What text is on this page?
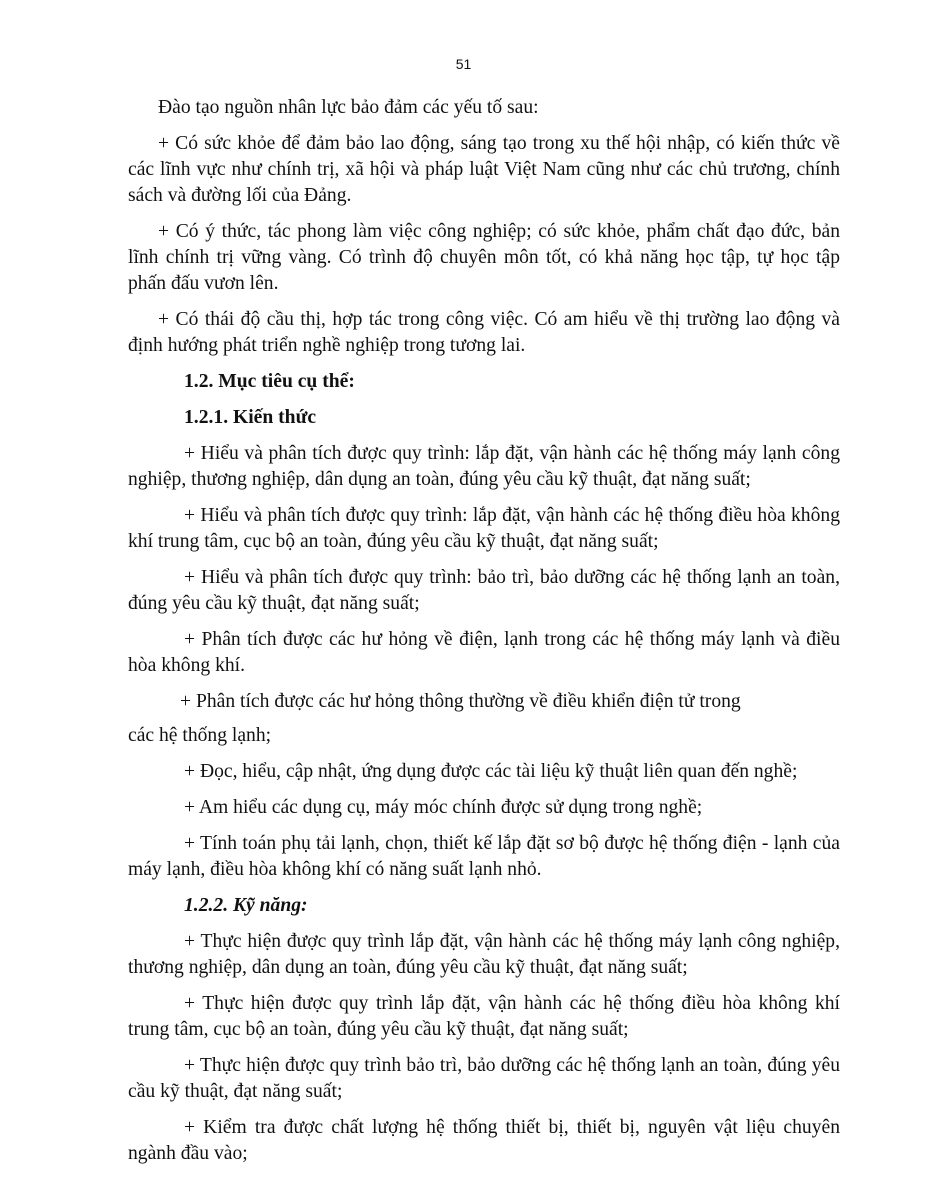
51

Đào tạo nguồn nhân lực bảo đảm các yếu tố sau:

+ Có sức khỏe để đảm bảo lao động, sáng tạo trong xu thế hội nhập, có kiến thức về các lĩnh vực như chính trị, xã hội và pháp luật Việt Nam cũng như các chủ trương, chính sách và đường lối của Đảng.

+ Có ý thức, tác phong làm việc công nghiệp; có sức khỏe, phẩm chất đạo đức, bản lĩnh chính trị vững vàng. Có trình độ chuyên môn tốt, có khả năng học tập, tự học tập phấn đấu vươn lên.

+ Có thái độ cầu thị, hợp tác trong công việc. Có am hiểu về thị trường lao động và định hướng phát triển nghề nghiệp trong tương lai.

1.2. Mục tiêu cụ thể:
1.2.1. Kiến thức

+ Hiểu và phân tích được quy trình: lắp đặt, vận hành các hệ thống máy lạnh công nghiệp, thương nghiệp, dân dụng an toàn, đúng yêu cầu kỹ thuật, đạt năng suất;

+ Hiểu và phân tích được quy trình: lắp đặt, vận hành các hệ thống điều hòa không khí trung tâm, cục bộ an toàn, đúng yêu cầu kỹ thuật, đạt năng suất;

+ Hiểu và phân tích được quy trình: bảo trì, bảo dưỡng các hệ thống lạnh an toàn, đúng yêu cầu kỹ thuật, đạt năng suất;

+ Phân tích được các hư hỏng về điện, lạnh trong các hệ thống máy lạnh và điều hòa không khí.

+ Phân tích được các hư hỏng thông thường về điều khiển điện tử trong
các hệ thống lạnh;

+ Đọc, hiểu, cập nhật, ứng dụng được các tài liệu kỹ thuật liên quan đến nghề;

+ Am hiểu các dụng cụ, máy móc chính được sử dụng trong nghề;

+ Tính toán phụ tải lạnh, chọn, thiết kế lắp đặt sơ bộ được hệ thống điện - lạnh của máy lạnh, điều hòa không khí có năng suất lạnh nhỏ.

1.2.2. Kỹ năng:

+ Thực hiện được quy trình lắp đặt, vận hành các hệ thống máy lạnh công nghiệp, thương nghiệp, dân dụng an toàn, đúng yêu cầu kỹ thuật, đạt năng suất;

+ Thực hiện được quy trình lắp đặt, vận hành các hệ thống điều hòa không khí trung tâm, cục bộ an toàn, đúng yêu cầu kỹ thuật, đạt năng suất;

+ Thực hiện được quy trình bảo trì, bảo dưỡng các hệ thống lạnh an toàn, đúng yêu cầu kỹ thuật, đạt năng suất;

+ Kiểm tra được chất lượng hệ thống thiết bị, thiết bị, nguyên vật liệu chuyên ngành đầu vào;
